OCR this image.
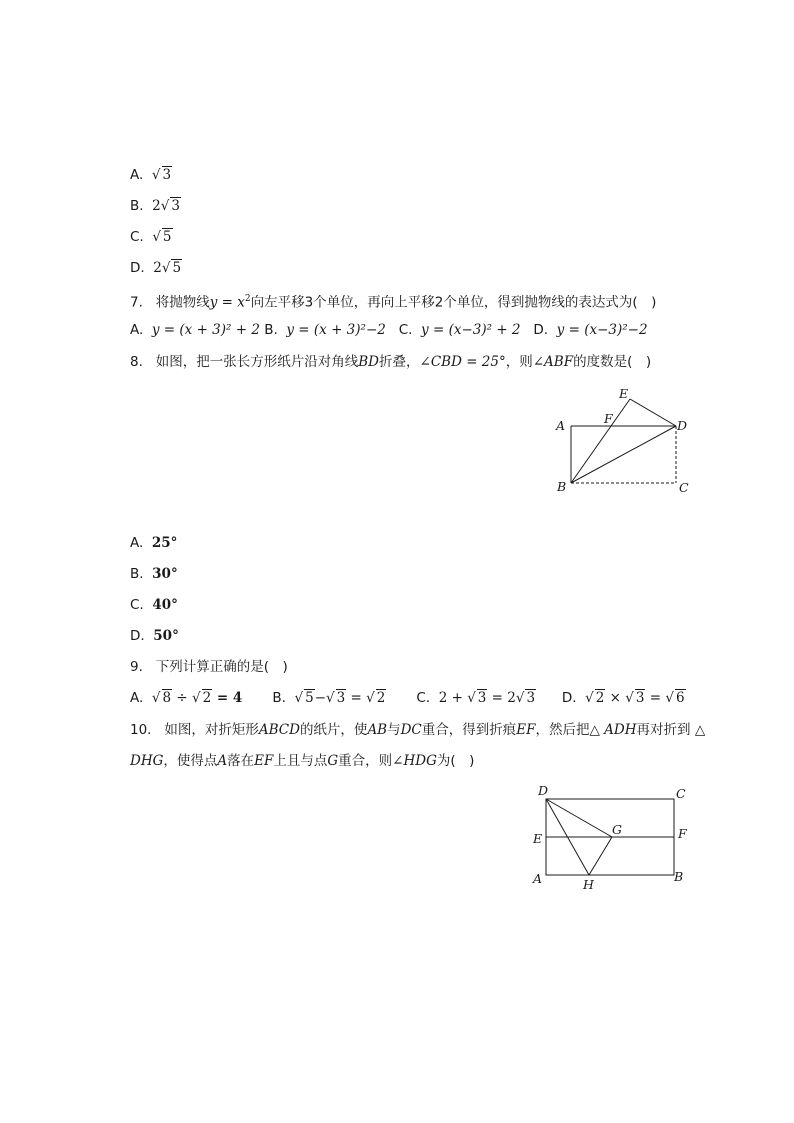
A. √ 3
B. 2√ 3
C. √ 5
D. 2√ 5
7. 将抛物线$y = x^2$向左平移3个单位，再向上平移2个单位，得到抛物线的表达式为(　)
A. y = (x + 3)² + 2 B. y = (x + 3)²−2 C. y = (x−3)² + 2 D. y = (x−3)²−2
8. 如图，把一张长方形纸片沿对角线BD折叠，∠CBD = 25°，则∠ABF的度数是(　)
A
B	C
D
E
F
A. 25°
B. 30°
C. 40°
D. 50°
9. 下列计算正确的是(　)
A. √ 8 ÷ √ 2 = 4 B. √ 5−√ 3 = √ 2 C. 2 + √ 3 = 2√ 3 D. √ 2 × √ 3 = √ 6
10. 如图，对折矩形ABCD的纸片，使AB与DC重合，得到折痕EF，然后把△ ADH再对折到 △
DHG，使得点A落在EF上且与点G重合，则∠HDG为(　)
D	C
E	F
G
A	B
H
